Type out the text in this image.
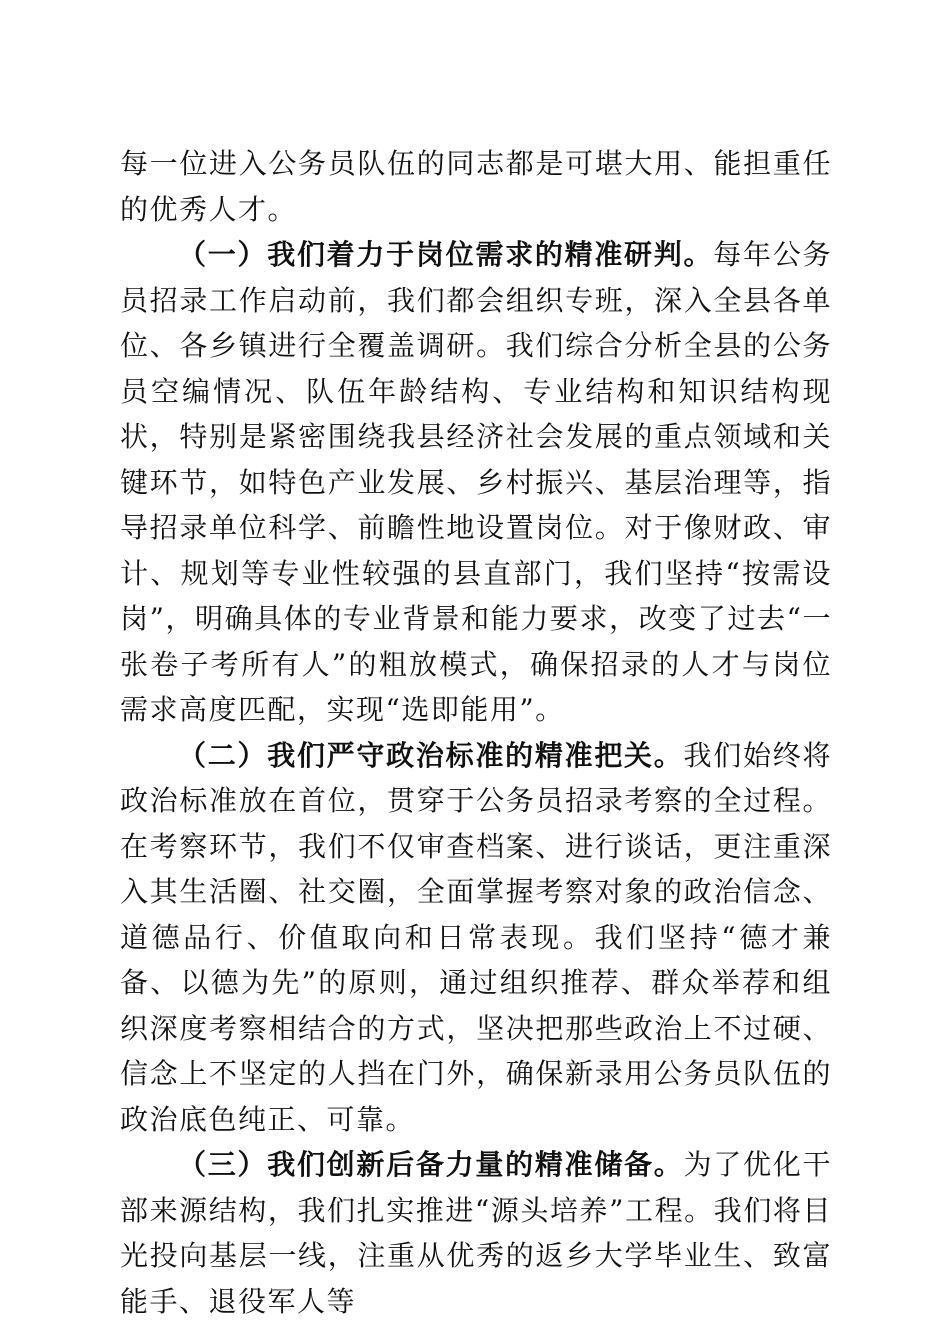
每一位进入公务员队伍的同志都是可堪大用、能担重任的优秀人才。

（一）我们着力于岗位需求的精准研判。每年公务员招录工作启动前，我们都会组织专班，深入全县各单位、各乡镇进行全覆盖调研。我们综合分析全县的公务员空编情况、队伍年龄结构、专业结构和知识结构现状，特别是紧密围绕我县经济社会发展的重点领域和关键环节，如特色产业发展、乡村振兴、基层治理等，指导招录单位科学、前瞻性地设置岗位。对于像财政、审计、规划等专业性较强的县直部门，我们坚持“按需设岗”，明确具体的专业背景和能力要求，改变了过去“一张卷子考所有人”的粗放模式，确保招录的人才与岗位需求高度匹配，实现“选即能用”。

（二）我们严守政治标准的精准把关。我们始终将政治标准放在首位，贯穿于公务员招录考察的全过程。在考察环节，我们不仅审查档案、进行谈话，更注重深入其生活圈、社交圈，全面掌握考察对象的政治信念、道德品行、价值取向和日常表现。我们坚持“德才兼备、以德为先”的原则，通过组织推荐、群众举荐和组织深度考察相结合的方式，坚决把那些政治上不过硬、信念上不坚定的人挡在门外，确保新录用公务员队伍的政治底色纯正、可靠。

（三）我们创新后备力量的精准储备。为了优化干部来源结构，我们扎实推进“源头培养”工程。我们将目光投向基层一线，注重从优秀的返乡大学毕业生、致富能手、退役军人等
